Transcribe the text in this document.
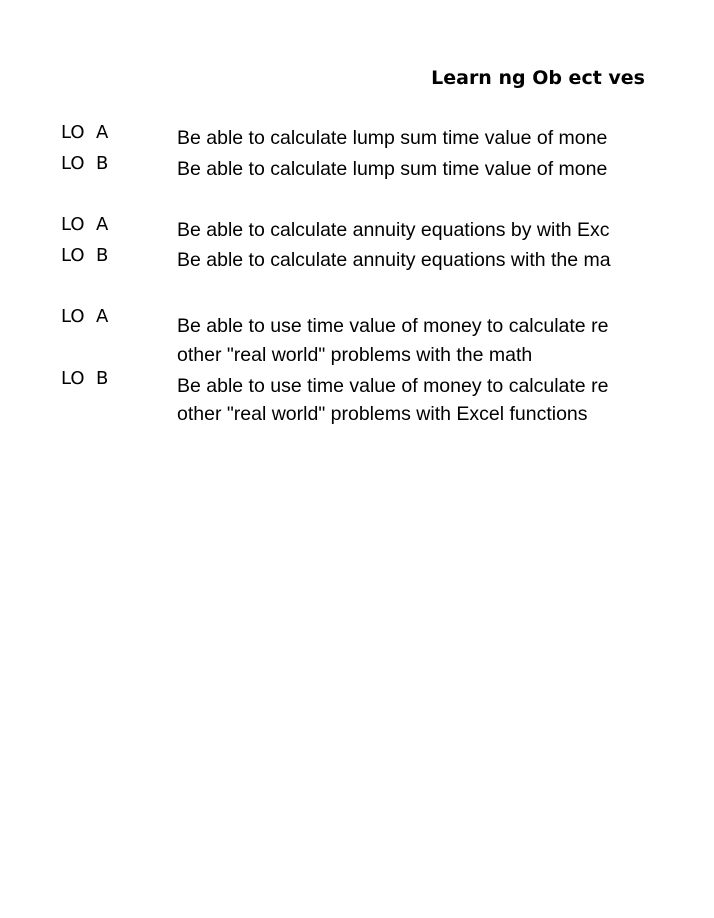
Learn ng Ob ect ves
LO  A	Be able to calculate lump sum time value of mone
LO  B	Be able to calculate lump sum time value of mone
LO  A	Be able to calculate annuity equations by with Exc
LO  B	Be able to calculate annuity equations with the ma
LO  A	Be able to use time value of money to calculate re
other "real world" problems with the math
LO  B	Be able to use time value of money to calculate re
other "real world" problems with Excel functions
